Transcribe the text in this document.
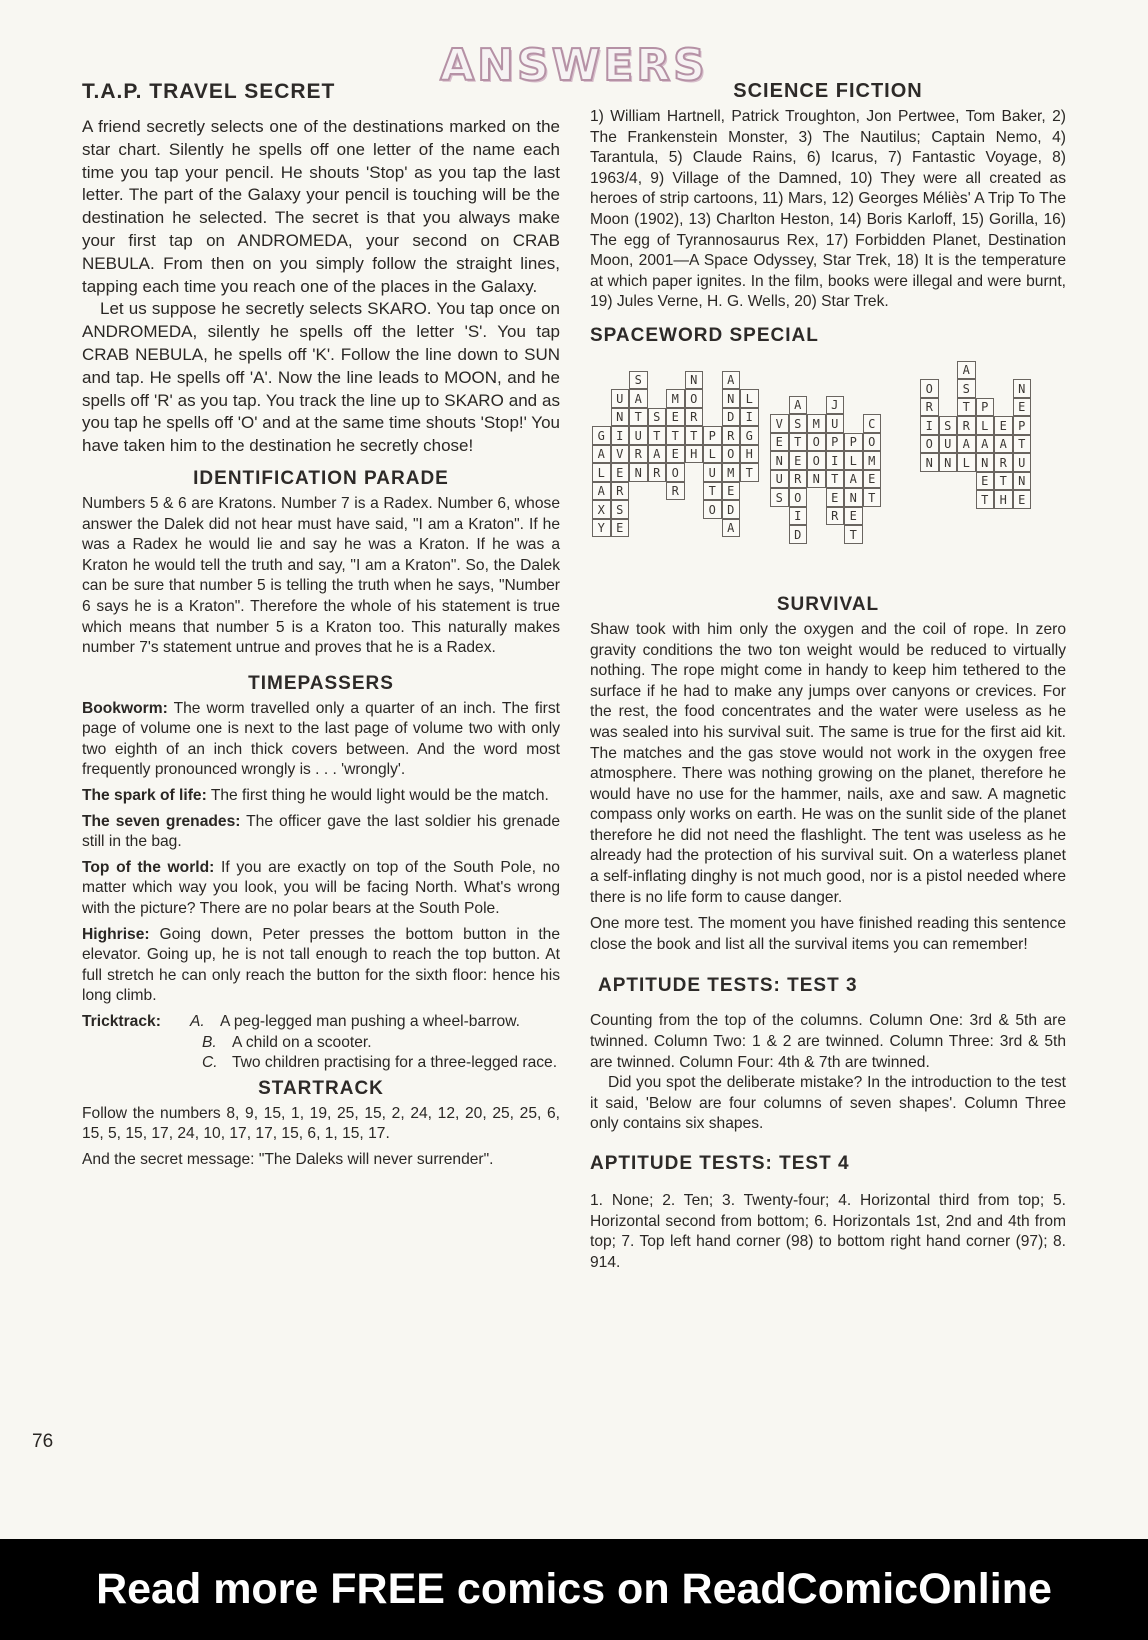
ANSWERS
T.A.P. TRAVEL SECRET

A friend secretly selects one of the destinations marked on the star chart. Silently he spells off one letter of the name each time you tap your pencil. He shouts 'Stop' as you tap the last letter. The part of the Galaxy your pencil is touching will be the destination he selected. The secret is that you always make your first tap on ANDROMEDA, your second on CRAB NEBULA. From then on you simply follow the straight lines, tapping each time you reach one of the places in the Galaxy.

Let us suppose he secretly selects SKARO. You tap once on ANDROMEDA, silently he spells off the letter 'S'. You tap CRAB NEBULA, he spells off 'K'. Follow the line down to SUN and tap. He spells off 'A'. Now the line leads to MOON, and he spells off 'R' as you tap. You track the line up to SKARO and as you tap he spells off 'O' and at the same time shouts 'Stop!' You have taken him to the destination he secretly chose!

IDENTIFICATION PARADE

Numbers 5 & 6 are Kratons. Number 7 is a Radex. Number 6, whose answer the Dalek did not hear must have said, "I am a Kraton". If he was a Radex he would lie and say he was a Kraton. If he was a Kraton he would tell the truth and say, "I am a Kraton". So, the Dalek can be sure that number 5 is telling the truth when he says, "Number 6 says he is a Kraton". Therefore the whole of his statement is true which means that number 5 is a Kraton too. This naturally makes number 7's statement untrue and proves that he is a Radex.

TIMEPASSERS

Bookworm: The worm travelled only a quarter of an inch. The first page of volume one is next to the last page of volume two with only two eighth of an inch thick covers between. And the word most frequently pronounced wrongly is . . . 'wrongly'.

The spark of life: The first thing he would light would be the match.

The seven grenades: The officer gave the last soldier his grenade still in the bag.

Top of the world: If you are exactly on top of the South Pole, no matter which way you look, you will be facing North. What's wrong with the picture? There are no polar bears at the South Pole.

Highrise: Going down, Peter presses the bottom button in the elevator. Going up, he is not tall enough to reach the top button. At full stretch he can only reach the button for the sixth floor: hence his long climb.

Tricktrack:	A. A peg-legged man pushing a wheel-barrow.
B. A child on a scooter.
C. Two children practising for a three-legged race.
STARTRACK

Follow the numbers 8, 9, 15, 1, 19, 25, 15, 2, 24, 12, 20, 25, 25, 6, 15, 5, 15, 17, 24, 10, 17, 17, 15, 6, 1, 15, 17.

And the secret message: "The Daleks will never surrender".

SCIENCE FICTION

1) William Hartnell, Patrick Troughton, Jon Pertwee, Tom Baker, 2) The Frankenstein Monster, 3) The Nautilus; Captain Nemo, 4) Tarantula, 5) Claude Rains, 6) Icarus, 7) Fantastic Voyage, 8) 1963/4, 9) Village of the Damned, 10) They were all created as heroes of strip cartoons, 11) Mars, 12) Georges Méliès' A Trip To The Moon (1902), 13) Charlton Heston, 14) Boris Karloff, 15) Gorilla, 16) The egg of Tyrannosaurus Rex, 17) Forbidden Planet, Destination Moon, 2001—A Space Odyssey, Star Trek, 18) It is the temperature at which paper ignites. In the film, books were illegal and were burnt, 19) Jules Verne, H. G. Wells, 20) Star Trek.

SPACEWORD SPECIAL
G
A
L
A
X
Y
U
N
I
V
E
R
S
E
S
A
T
U
R
N
S
T
A
R
M
E
T
E
O
R
N
O
R
T
H
P
L
U
T
O
A
N
D
R
O
M
E
D
A
L
I
G
H
T
V
E
N
U
S
A
S
T
E
R
O
I
D
M
O
O
N
J
U
P
I
T
E
R
P
L
A
N
E
T
C
O
M
E
T
O
R
I
O
N
S
U
N
A
S
T
R
A
L
P
L
A
N
E
T
E
A
R
T
H
N
E
P
T
U
N
E
SURVIVAL

Shaw took with him only the oxygen and the coil of rope. In zero gravity conditions the two ton weight would be reduced to virtually nothing. The rope might come in handy to keep him tethered to the surface if he had to make any jumps over canyons or crevices. For the rest, the food concentrates and the water were useless as he was sealed into his survival suit. The same is true for the first aid kit. The matches and the gas stove would not work in the oxygen free atmosphere. There was nothing growing on the planet, therefore he would have no use for the hammer, nails, axe and saw. A magnetic compass only works on earth. He was on the sunlit side of the planet therefore he did not need the flashlight. The tent was useless as he already had the protection of his survival suit. On a waterless planet a self-inflating dinghy is not much good, nor is a pistol needed where there is no life form to cause danger.

One more test. The moment you have finished reading this sentence close the book and list all the survival items you can remember!

APTITUDE TESTS: TEST 3

Counting from the top of the columns. Column One: 3rd & 5th are twinned. Column Two: 1 & 2 are twinned. Column Three: 3rd & 5th are twinned. Column Four: 4th & 7th are twinned.

Did you spot the deliberate mistake? In the introduction to the test it said, 'Below are four columns of seven shapes'. Column Three only contains six shapes.

APTITUDE TESTS: TEST 4

1. None; 2. Ten; 3. Twenty-four; 4. Horizontal third from top; 5. Horizontal second from bottom; 6. Horizontals 1st, 2nd and 4th from top; 7. Top left hand corner (98) to bottom right hand corner (97); 8. 914.

76
Read more FREE comics on ReadComicOnline
